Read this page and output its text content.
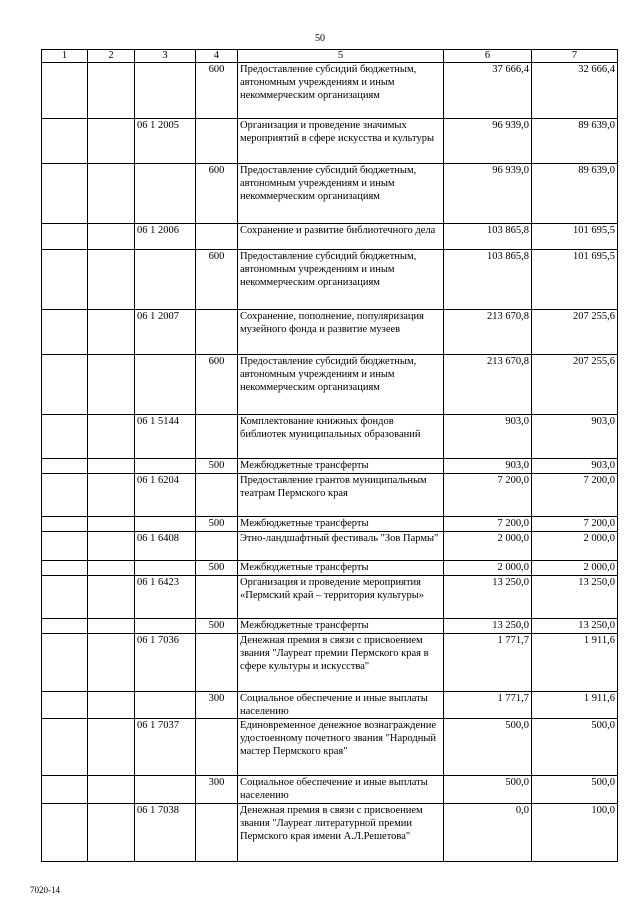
50
1	2	3	4	5	6	7
			600	Предоставление субсидий бюджетным, автономным учреждениям и иным некоммерческим организациям	37 666,4	32 666,4
		06 1 2005		Организация и проведение значимых мероприятий в сфере искусства и культуры	96 939,0	89 639,0
			600	Предоставление субсидий бюджетным, автономным учреждениям и иным некоммерческим организациям	96 939,0	89 639,0
		06 1 2006		Сохранение и развитие библиотечного дела	103 865,8	101 695,5
			600	Предоставление субсидий бюджетным, автономным учреждениям и иным некоммерческим организациям	103 865,8	101 695,5
		06 1 2007		Сохранение, пополнение, популяризация музейного фонда и развитие музеев	213 670,8	207 255,6
			600	Предоставление субсидий бюджетным, автономным учреждениям и иным некоммерческим организациям	213 670,8	207 255,6
		06 1 5144		Комплектование книжных фондов библиотек муниципальных образований	903,0	903,0
			500	Межбюджетные трансферты	903,0	903,0
		06 1 6204		Предоставление грантов муниципальным театрам Пермского края	7 200,0	7 200,0
			500	Межбюджетные трансферты	7 200,0	7 200,0
		06 1 6408		Этно-ландшафтный фестиваль "Зов Пармы"	2 000,0	2 000,0
			500	Межбюджетные трансферты	2 000,0	2 000,0
		06 1 6423		Организация и проведение мероприятия «Пермский край – территория культуры»	13 250,0	13 250,0
			500	Межбюджетные трансферты	13 250,0	13 250,0
		06 1 7036		Денежная премия в связи с присвоением звания "Лауреат премии Пермского края в сфере культуры и искусства"	1 771,7	1 911,6
			300	Социальное обеспечение и иные выплаты населению	1 771,7	1 911,6
		06 1 7037		Единовременное денежное вознаграждение удостоенному почетного звания "Народный мастер Пермского края"	500,0	500,0
			300	Социальное обеспечение и иные выплаты населению	500,0	500,0
		06 1 7038		Денежная премия в связи с присвоением звания "Лауреат литературной премии Пермского края имени А.Л.Решетова"	0,0	100,0
7020-14
